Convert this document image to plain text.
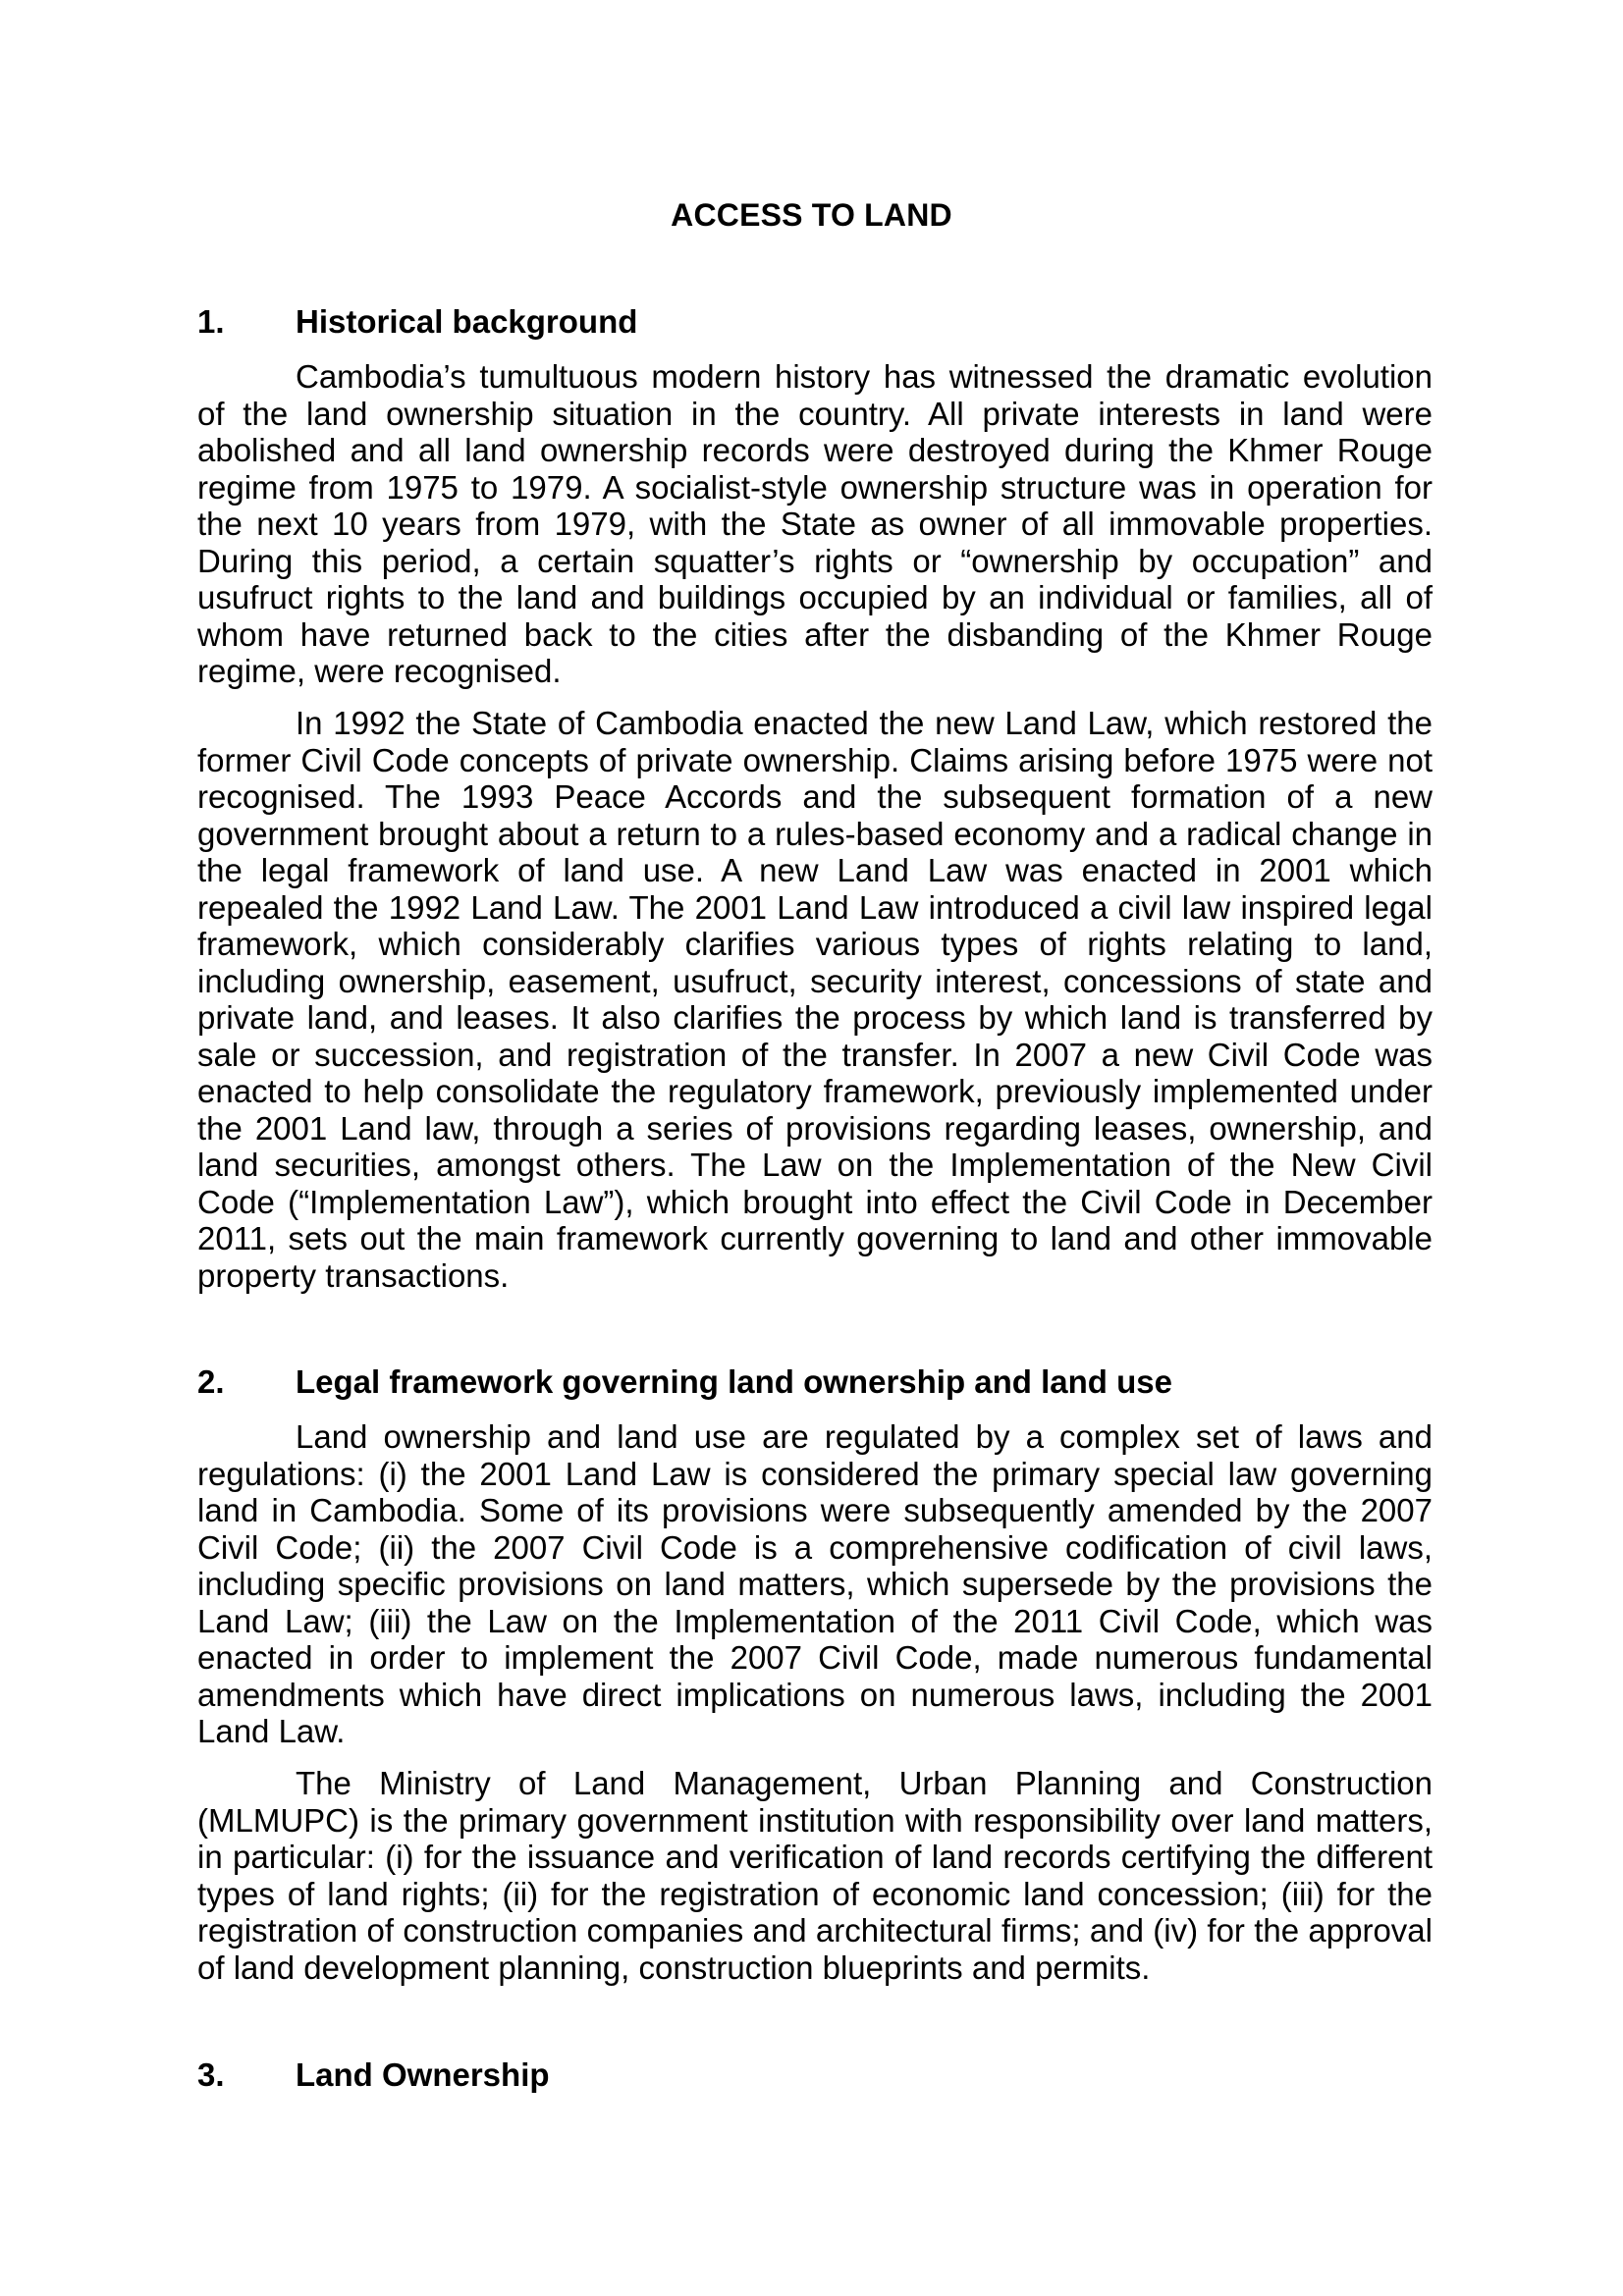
ACCESS TO LAND
1. Historical background

Cambodia’s tumultuous modern history has witnessed the dramatic evolution of the land ownership situation in the country. All private interests in land were abolished and all land ownership records were destroyed during the Khmer Rouge regime from 1975 to 1979. A socialist-style ownership structure was in operation for the next 10 years from 1979, with the State as owner of all immovable properties. During this period, a certain squatter’s rights or “ownership by occupation” and usufruct rights to the land and buildings occupied by an individual or families, all of whom have returned back to the cities after the disbanding of the Khmer Rouge regime, were recognised.

In 1992 the State of Cambodia enacted the new Land Law, which restored the former Civil Code concepts of private ownership. Claims arising before 1975 were not recognised. The 1993 Peace Accords and the subsequent formation of a new government brought about a return to a rules-based economy and a radical change in the legal framework of land use. A new Land Law was enacted in 2001 which repealed the 1992 Land Law. The 2001 Land Law introduced a civil law inspired legal framework, which considerably clarifies various types of rights relating to land, including ownership, easement, usufruct, security interest, concessions of state and private land, and leases. It also clarifies the process by which land is transferred by sale or succession, and registration of the transfer. In 2007 a new Civil Code was enacted to help consolidate the regulatory framework, previously implemented under the 2001 Land law, through a series of provisions regarding leases, ownership, and land securities, amongst others. The Law on the Implementation of the New Civil Code (“Implementation Law”), which brought into effect the Civil Code in December 2011, sets out the main framework currently governing to land and other immovable property transactions.

2. Legal framework governing land ownership and land use

Land ownership and land use are regulated by a complex set of laws and regulations: (i) the 2001 Land Law is considered the primary special law governing land in Cambodia. Some of its provisions were subsequently amended by the 2007 Civil Code; (ii) the 2007 Civil Code is a comprehensive codification of civil laws, including specific provisions on land matters, which supersede by the provisions the Land Law; (iii) the Law on the Implementation of the 2011 Civil Code, which was enacted in order to implement the 2007 Civil Code, made numerous fundamental amendments which have direct implications on numerous laws, including the 2001 Land Law.

The Ministry of Land Management, Urban Planning and Construction (MLMUPC) is the primary government institution with responsibility over land matters, in particular: (i) for the issuance and verification of land records certifying the different types of land rights; (ii) for the registration of economic land concession; (iii) for the registration of construction companies and architectural firms; and (iv) for the approval of land development planning, construction blueprints and permits.

3. Land Ownership
